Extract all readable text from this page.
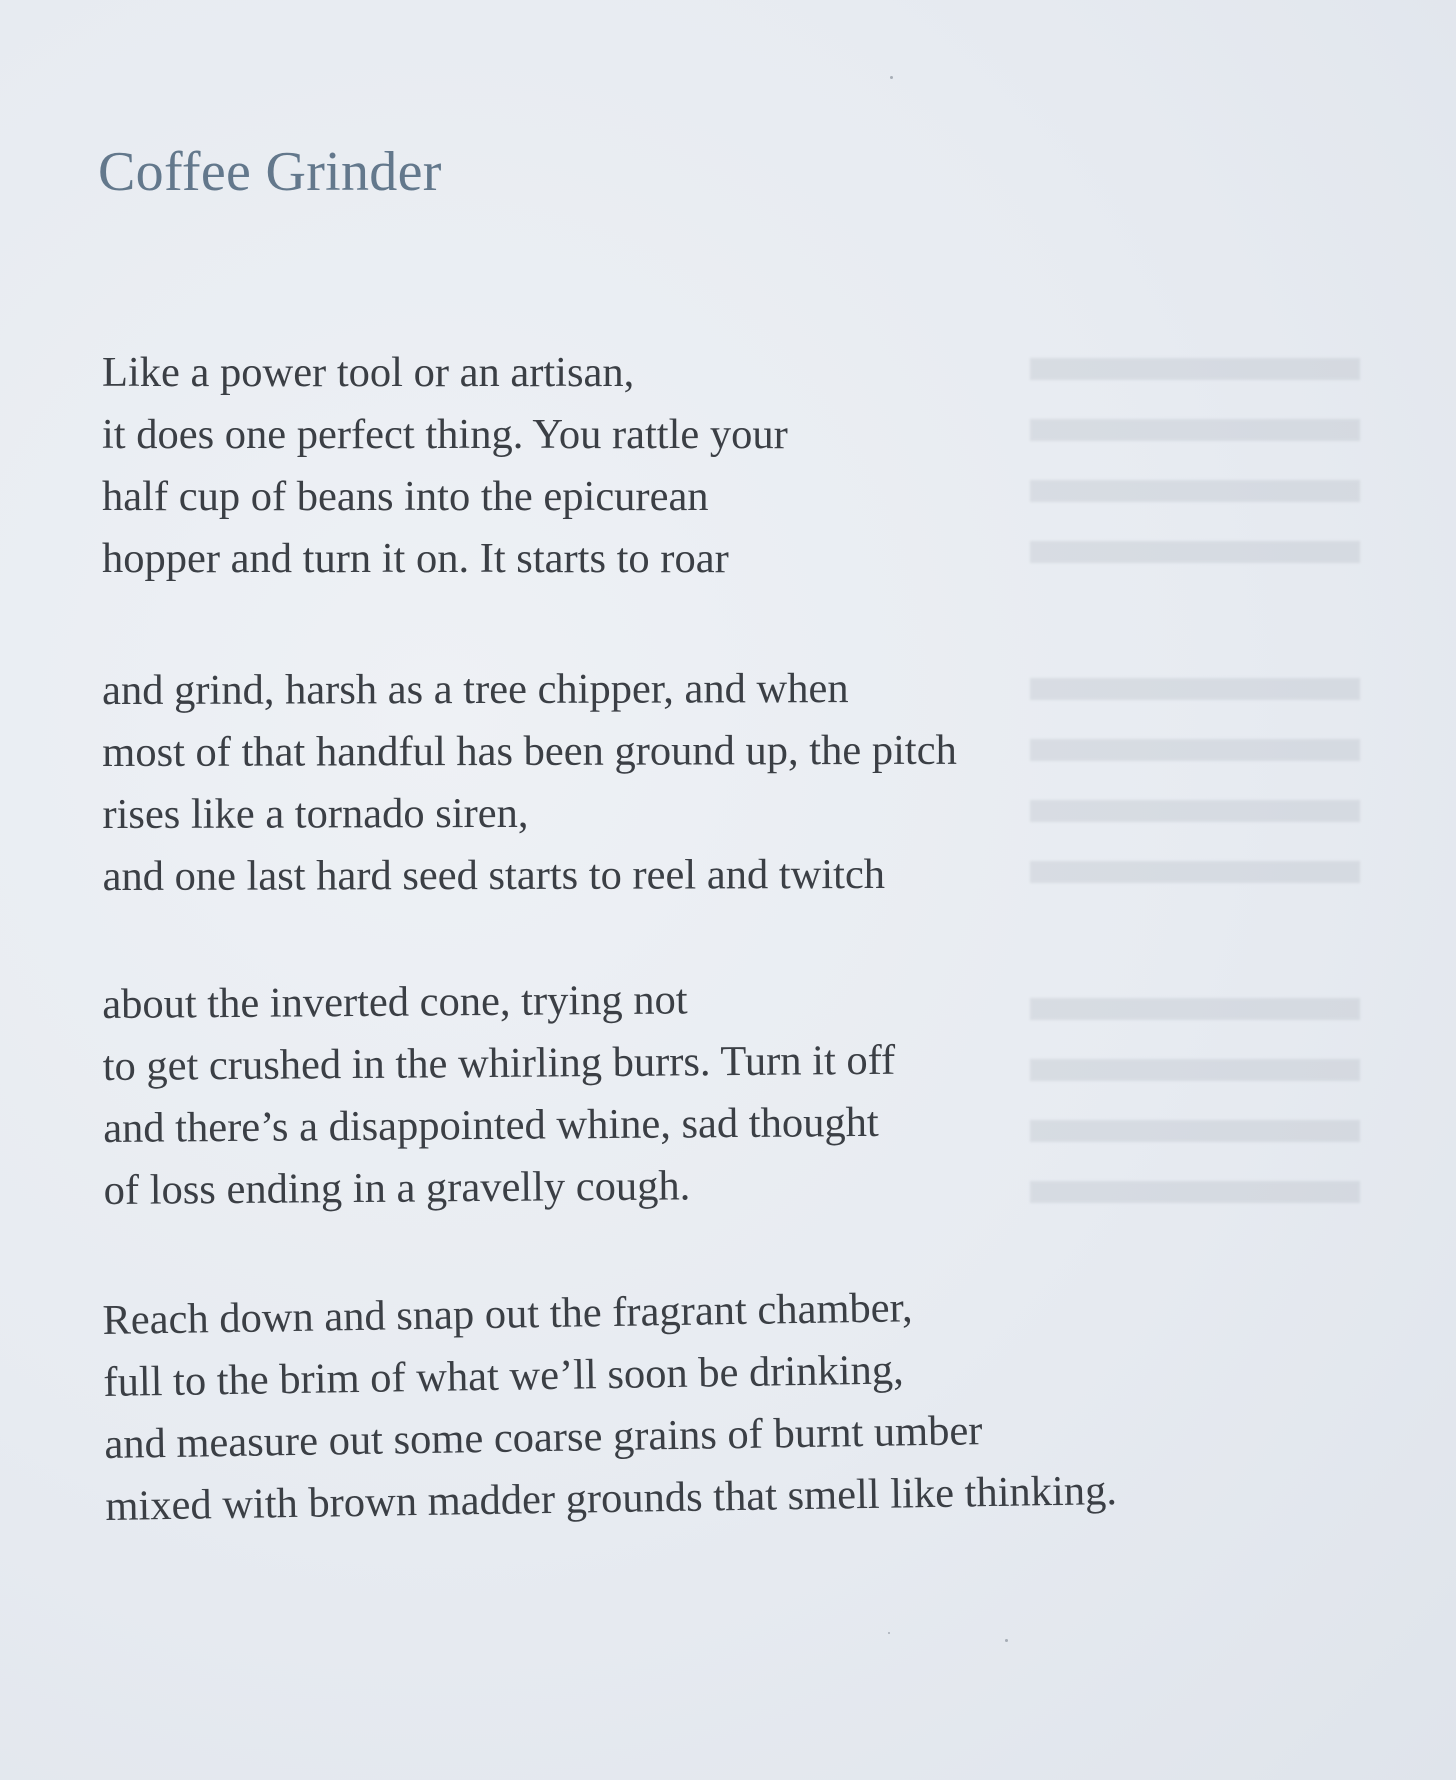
Coffee Grinder
Like a power tool or an artisan,
it does one perfect thing. You rattle your
half cup of beans into the epicurean
hopper and turn it on. It starts to roar
and grind, harsh as a tree chipper, and when
most of that handful has been ground up, the pitch
rises like a tornado siren,
and one last hard seed starts to reel and twitch
about the inverted cone, trying not
to get crushed in the whirling burrs. Turn it off
and there’s a disappointed whine, sad thought
of loss ending in a gravelly cough.
Reach down and snap out the fragrant chamber,
full to the brim of what we’ll soon be drinking,
and measure out some coarse grains of burnt umber
mixed with brown madder grounds that smell like thinking.
